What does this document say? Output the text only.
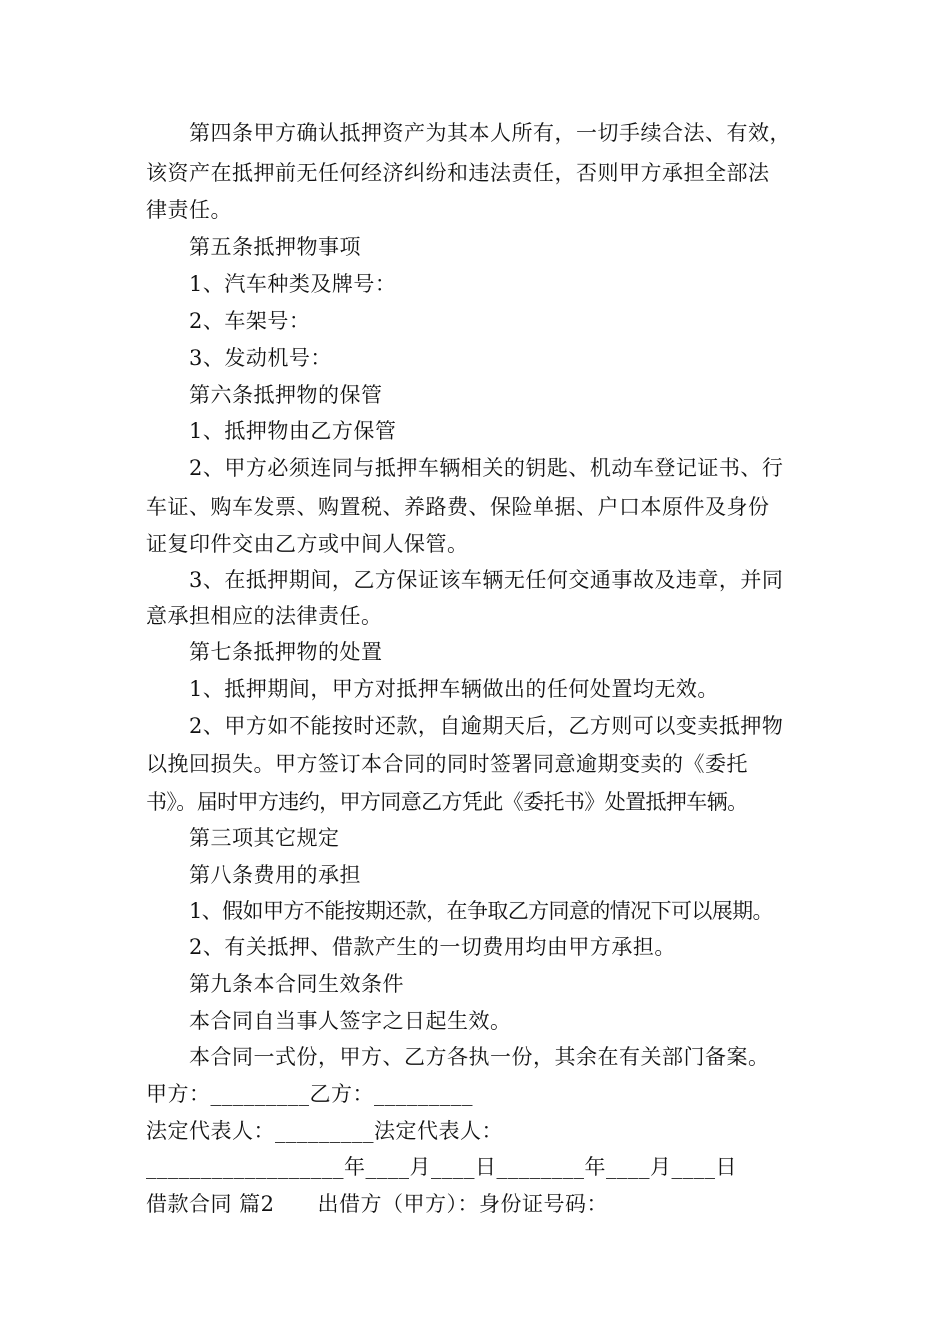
第四条甲方确认抵押资产为其本人所有，一切手续合法、有效，
该资产在抵押前无任何经济纠纷和违法责任，否则甲方承担全部法
律责任。
第五条抵押物事项
1、汽车种类及牌号：
2、车架号：
3、发动机号：
第六条抵押物的保管
1、抵押物由乙方保管
2、甲方必须连同与抵押车辆相关的钥匙、机动车登记证书、行
车证、购车发票、购置税、养路费、保险单据、户口本原件及身份
证复印件交由乙方或中间人保管。
3、在抵押期间，乙方保证该车辆无任何交通事故及违章，并同
意承担相应的法律责任。
第七条抵押物的处置
1、抵押期间，甲方对抵押车辆做出的任何处置均无效。
2、甲方如不能按时还款，自逾期天后，乙方则可以变卖抵押物
以挽回损失。甲方签订本合同的同时签署同意逾期变卖的《委托
书》。届时甲方违约，甲方同意乙方凭此《委托书》处置抵押车辆。
第三项其它规定
第八条费用的承担
1、假如甲方不能按期还款，在争取乙方同意的情况下可以展期。
2、有关抵押、借款产生的一切费用均由甲方承担。
第九条本合同生效条件
本合同自当事人签字之日起生效。
本合同一式份，甲方、乙方各执一份，其余在有关部门备案。
甲方：_________乙方：_________
法定代表人：_________法定代表人：
__________________年____月____日________年____月____日
借款合同 篇2　　出借方（甲方）：身份证号码：
